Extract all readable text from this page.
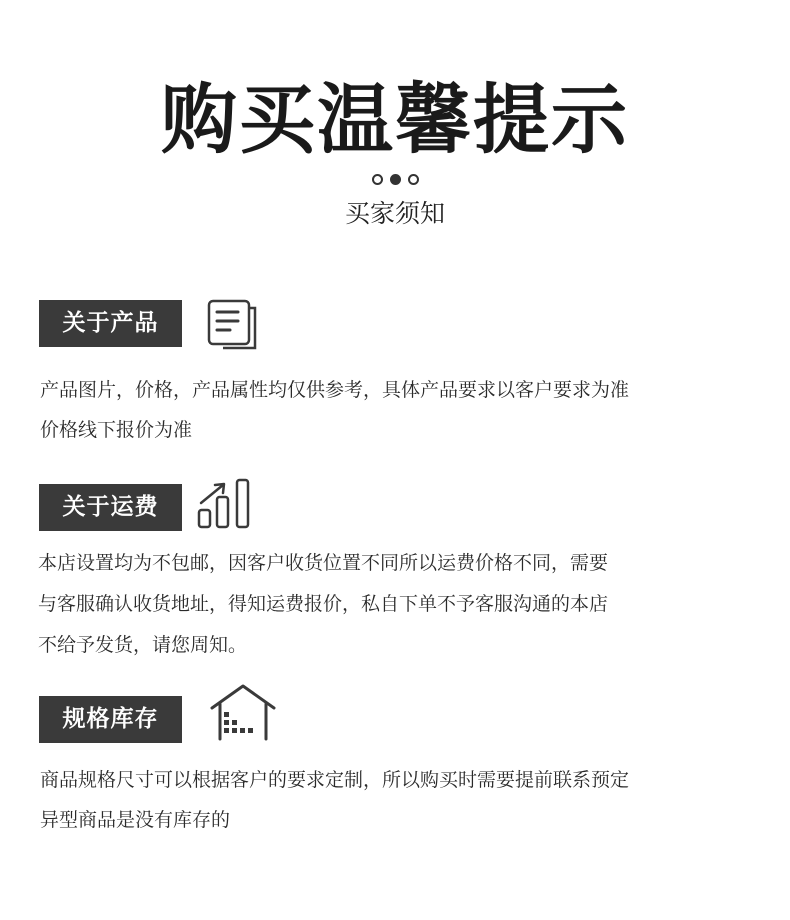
购买温馨提示
买家须知
关于产品
产品图片，价格，产品属性均仅供参考，具体产品要求以客户要求为准
价格线下报价为准
关于运费
本店设置均为不包邮，因客户收货位置不同所以运费价格不同，需要
与客服确认收货地址，得知运费报价，私自下单不予客服沟通的本店
不给予发货，请您周知。
规格库存
商品规格尺寸可以根据客户的要求定制，所以购买时需要提前联系预定
异型商品是没有库存的
